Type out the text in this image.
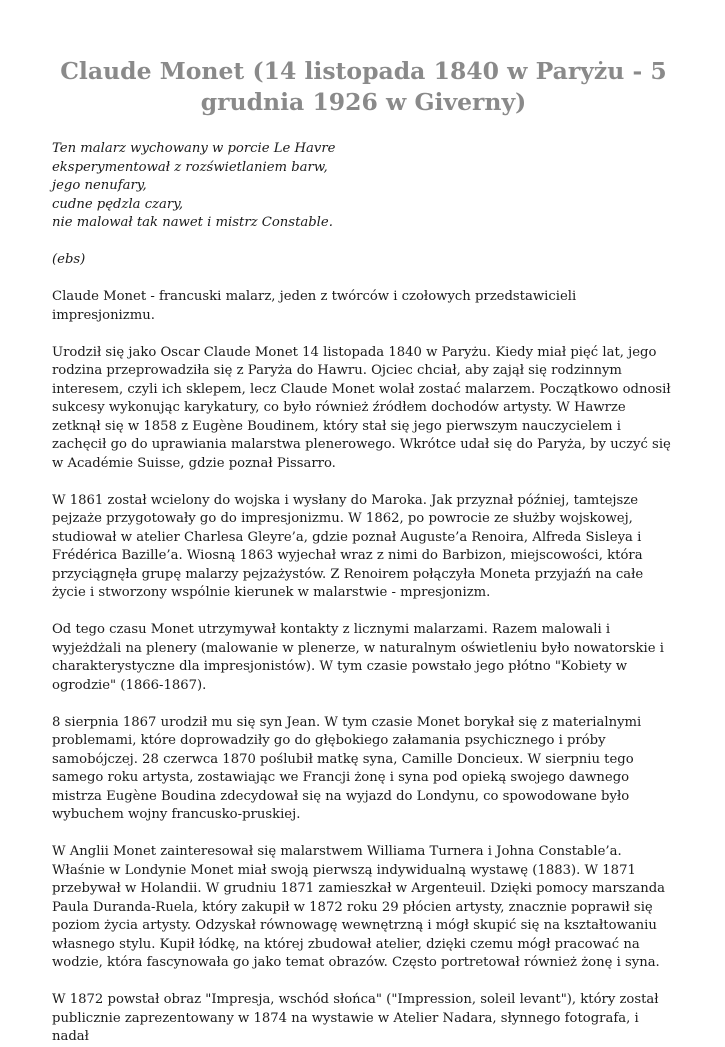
Claude Monet (14 listopada 1840 w Paryżu - 5 grudnia 1926 w Giverny)
Ten malarz wychowany w porcie Le Havre
eksperymentował z rozświetlaniem barw,
jego nenufary,
cudne pędzla czary,
nie malował tak nawet i mistrz Constable.

(ebs)

Claude Monet - francuski malarz, jeden z twórców i czołowych przedstawicieli impresjonizmu.

Urodził się jako Oscar Claude Monet 14 listopada 1840 w Paryżu. Kiedy miał pięć lat, jego rodzina przeprowadziła się z Paryża do Hawru. Ojciec chciał, aby zajął się rodzinnym interesem, czyli ich sklepem, lecz Claude Monet wolał zostać malarzem. Początkowo odnosił sukcesy wykonując karykatury, co było również źródłem dochodów artysty. W Hawrze zetknął się w 1858 z Eugène Boudinem, który stał się jego pierwszym nauczycielem i zachęcił go do uprawiania malarstwa plenerowego. Wkrótce udał się do Paryża, by uczyć się w Académie Suisse, gdzie poznał Pissarro.

W 1861 został wcielony do wojska i wysłany do Maroka. Jak przyznał później, tamtejsze pejzaże przygotowały go do impresjonizmu. W 1862, po powrocie ze służby wojskowej, studiował w atelier Charlesa Gleyre’a, gdzie poznał Auguste’a Renoira, Alfreda Sisleya i Frédérica Bazille’a. Wiosną 1863 wyjechał wraz z nimi do Barbizon, miejscowości, która przyciągnęła grupę malarzy pejzażystów. Z Renoirem połączyła Moneta przyjaźń na całe życie i stworzony wspólnie kierunek w malarstwie - mpresjonizm.

Od tego czasu Monet utrzymywał kontakty z licznymi malarzami. Razem malowali i wyjeżdżali na plenery (malowanie w plenerze, w naturalnym oświetleniu było nowatorskie i charakterystyczne dla impresjonistów). W tym czasie powstało jego płótno "Kobiety w ogrodzie" (1866-1867).

8 sierpnia 1867 urodził mu się syn Jean. W tym czasie Monet borykał się z materialnymi problemami, które doprowadziły go do głębokiego załamania psychicznego i próby samobójczej. 28 czerwca 1870 poślubił matkę syna, Camille Doncieux. W sierpniu tego samego roku artysta, zostawiając we Francji żonę i syna pod opieką swojego dawnego mistrza Eugène Boudina zdecydował się na wyjazd do Londynu, co spowodowane było wybuchem wojny francusko-pruskiej.

W Anglii Monet zainteresował się malarstwem Williama Turnera i Johna Constable’a. Właśnie w Londynie Monet miał swoją pierwszą indywidualną wystawę (1883). W 1871 przebywał w Holandii. W grudniu 1871 zamieszkał w Argenteuil. Dzięki pomocy marszanda Paula Duranda-Ruela, który zakupił w 1872 roku 29 płócien artysty, znacznie poprawił się poziom życia artysty. Odzyskał równowagę wewnętrzną i mógł skupić się na kształtowaniu własnego stylu. Kupił łódkę, na której zbudował atelier, dzięki czemu mógł pracować na wodzie, która fascynowała go jako temat obrazów. Często portretował również żonę i syna.

W 1872 powstał obraz "Impresja, wschód słońca" ("Impression, soleil levant"), który został publicznie zaprezentowany w 1874 na wystawie w Atelier Nadara, słynnego fotografa, i nadał
